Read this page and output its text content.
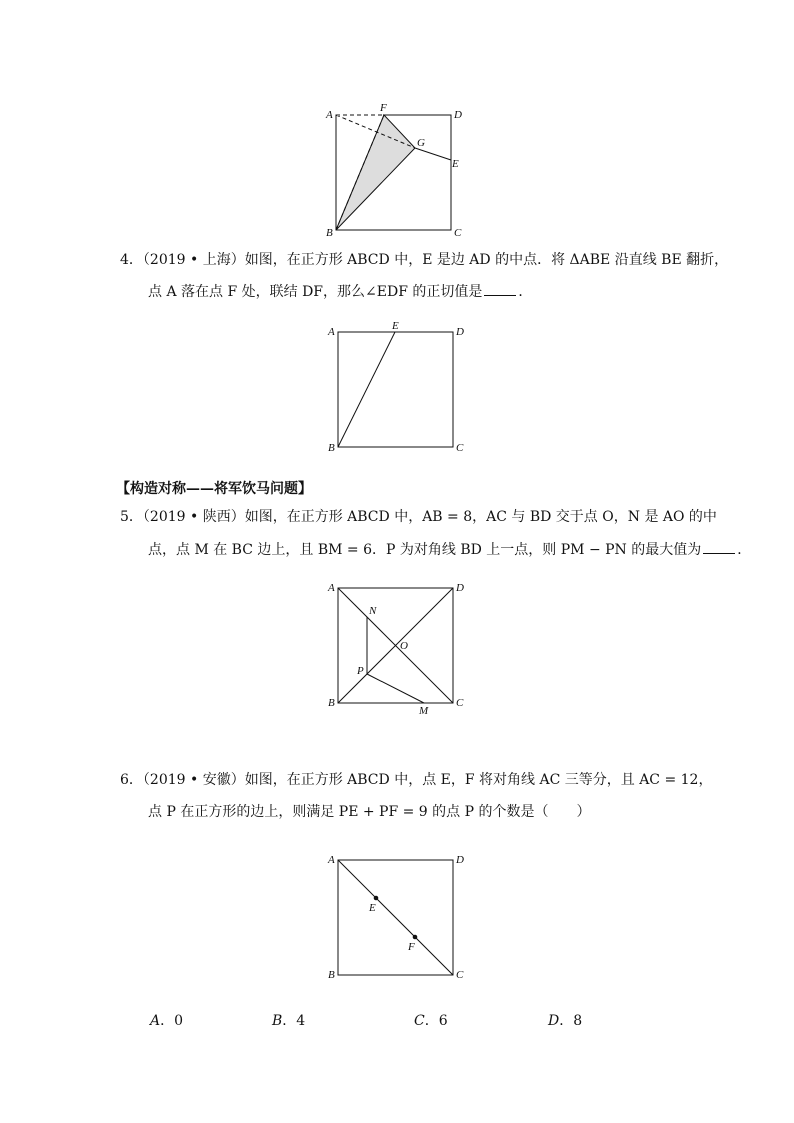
A
F
D
G
E
B	C
4．（2019 • 上海）如图，在正方形 ABCD 中，E 是边 AD 的中点．将 ΔABE 沿直线 BE 翻折，
点 A 落在点 F 处，联结 DF，那么∠EDF 的正切值是	．
A	E	D
B	C
【构造对称——将军饮马问题】
5．（2019 • 陕西）如图，在正方形 ABCD 中，AB = 8，AC 与 BD 交于点 O，N 是 AO 的中
点，点 M 在 BC 边上，且 BM = 6．P 为对角线 BD 上一点，则 PM − PN 的最大值为	．
A	D
N
O
P
B
M
C
6．（2019 • 安徽）如图，在正方形 ABCD 中，点 E，F 将对角线 AC 三等分，且 AC = 12，
点 P 在正方形的边上，则满足 PE + PF = 9 的点 P 的个数是（　　）
A	D
E
F
B	C
A．0	B．4	C．6	D．8
